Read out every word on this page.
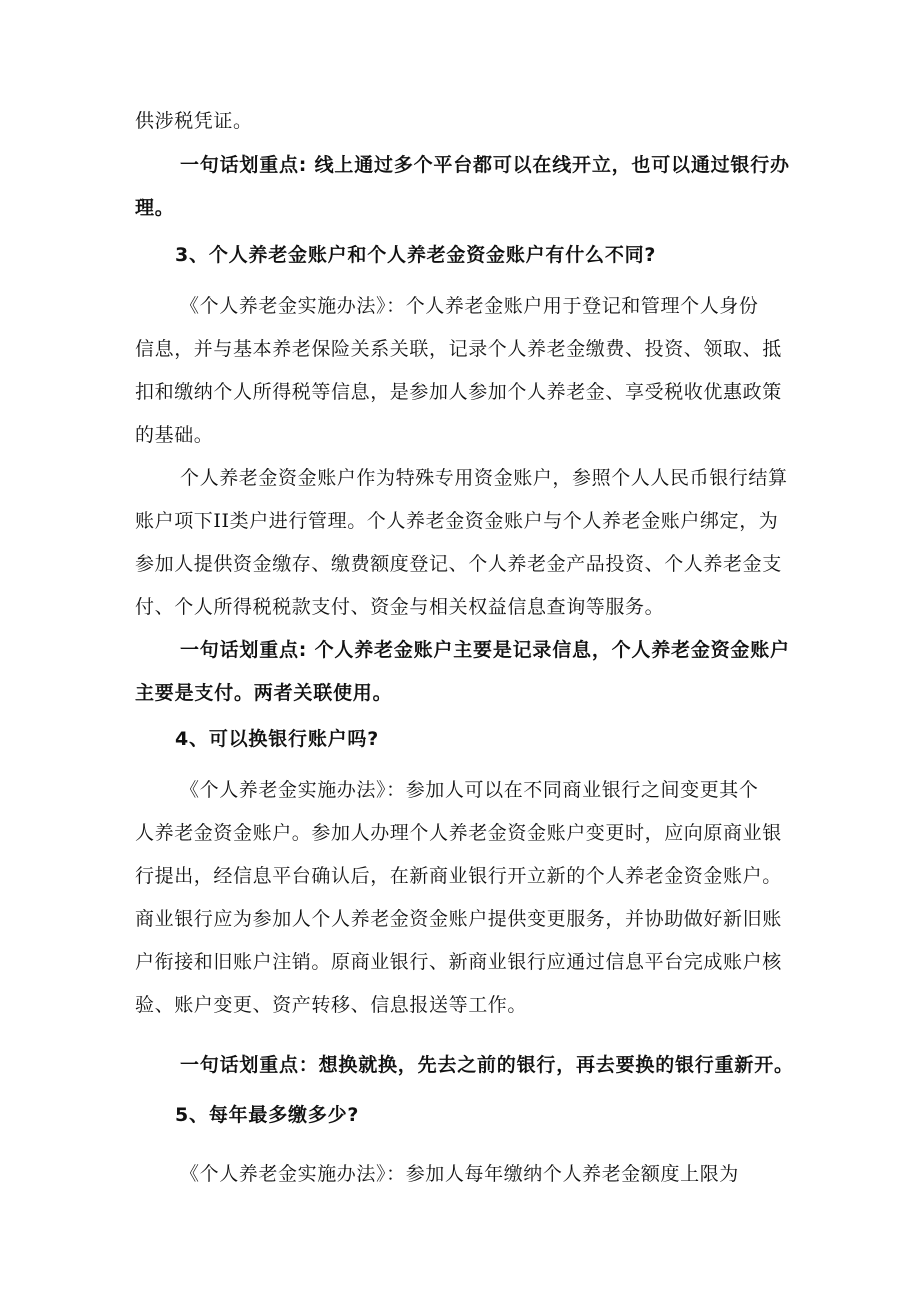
供涉税凭证。
一句话划重点: 线上通过多个平台都可以在线开立，也可以通过银行办
理。
3、个人养老金账户和个人养老金资金账户有什么不同?
《个人养老金实施办法》：个人养老金账户用于登记和管理个人身份
信息，并与基本养老保险关系关联，记录个人养老金缴费、投资、领取、抵
扣和缴纳个人所得税等信息，是参加人参加个人养老金、享受税收优惠政策
的基础。
个人养老金资金账户作为特殊专用资金账户，参照个人人民币银行结算
账户项下II类户进行管理。个人养老金资金账户与个人养老金账户绑定，为
参加人提供资金缴存、缴费额度登记、个人养老金产品投资、个人养老金支
付、个人所得税税款支付、资金与相关权益信息查询等服务。
一句话划重点: 个人养老金账户主要是记录信息，个人养老金资金账户
主要是支付。两者关联使用。
4、可以换银行账户吗?
《个人养老金实施办法》：参加人可以在不同商业银行之间变更其个
人养老金资金账户。参加人办理个人养老金资金账户变更时，应向原商业银
行提出，经信息平台确认后，在新商业银行开立新的个人养老金资金账户。
商业银行应为参加人个人养老金资金账户提供变更服务，并协助做好新旧账
户衔接和旧账户注销。原商业银行、新商业银行应通过信息平台完成账户核
验、账户变更、资产转移、信息报送等工作。
一句话划重点：想换就换，先去之前的银行，再去要换的银行重新开。
5、每年最多缴多少?
《个人养老金实施办法》：参加人每年缴纳个人养老金额度上限为
